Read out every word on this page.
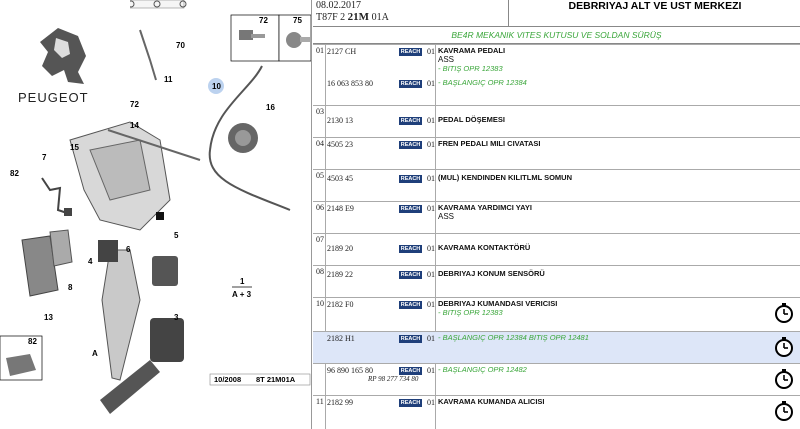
70
72	75
10
11
16
72
14
15
7
82
5
6
4
8
13
1
A + 3
3
A
82
PEUGEOT
10/2008 8T 21M01A
08.02.2017
T87F 2 21M 01A
DEBRRIYAJ ALT VE UST MERKEZI
BE4R MEKANIK VITES KUTUSU VE SOLDAN SÜRÜŞ
01 2127 CH	REACH 01 KAVRAMA PEDALI
ASS
- BITIŞ OPR 12383
16 063 853 80	REACH 01 - BAŞLANGIÇ OPR 12384
03
2130 13	REACH 01 PEDAL DÖŞEMESI
04 4505 23	REACH 01 FREN PEDALI MILI CIVATASI
05 4503 45	REACH 01 (MUL) KENDINDEN KILITLML SOMUN
06 2148 E9	REACH 01 KAVRAMA YARDIMCI YAYI
ASS
07
2189 20	REACH 01 KAVRAMA KONTAKTÖRÜ
08 2189 22	REACH 01 DEBRIYAJ KONUM SENSÖRÜ
10 2182 F0	REACH 01 DEBRIYAJ KUMANDASI VERICISI
- BITIŞ OPR 12383
2182 H1	REACH 01 - BAŞLANGIÇ OPR 12384 BITIŞ OPR 12481
96 890 165 80	REACH 01 - BAŞLANGIÇ OPR 12482
RP 98 277 734 80
11 2182 99	REACH 01 KAVRAMA KUMANDA ALICISI
